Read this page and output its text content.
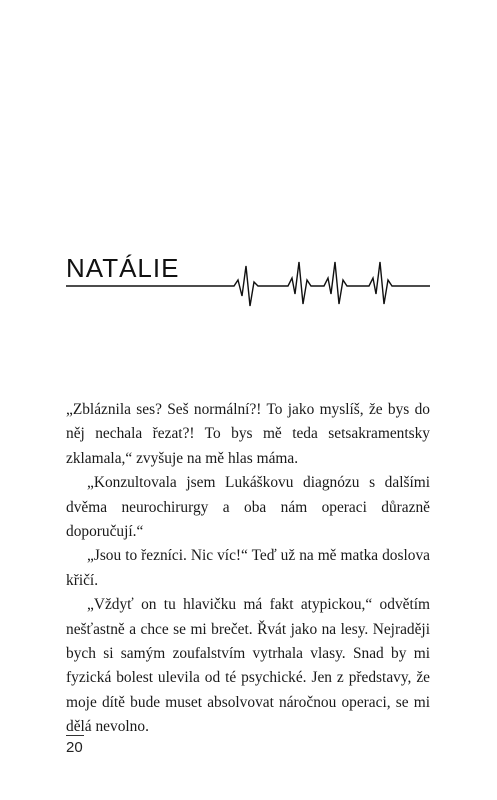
NATÁLIE

„Zbláznila ses? Seš normální?! To jako myslíš, že bys do něj nechala řezat?! To bys mě teda setsakramentsky zklamala,“ zvyšuje na mě hlas máma.

„Konzultovala jsem Lukáškovu diagnózu s dalšími dvěma neurochirurgy a oba nám operaci důrazně doporučují.“

„Jsou to řezníci. Nic víc!“ Teď už na mě matka doslova křičí.

„Vždyť on tu hlavičku má fakt atypickou,“ odvětím nešťastně a chce se mi brečet. Řvát jako na lesy. Nejraději bych si samým zoufalstvím vytrhala vlasy. Snad by mi fyzická bolest ulevila od té psychické. Jen z představy, že moje dítě bude muset absolvovat náročnou operaci, se mi dělá nevolno.

20
